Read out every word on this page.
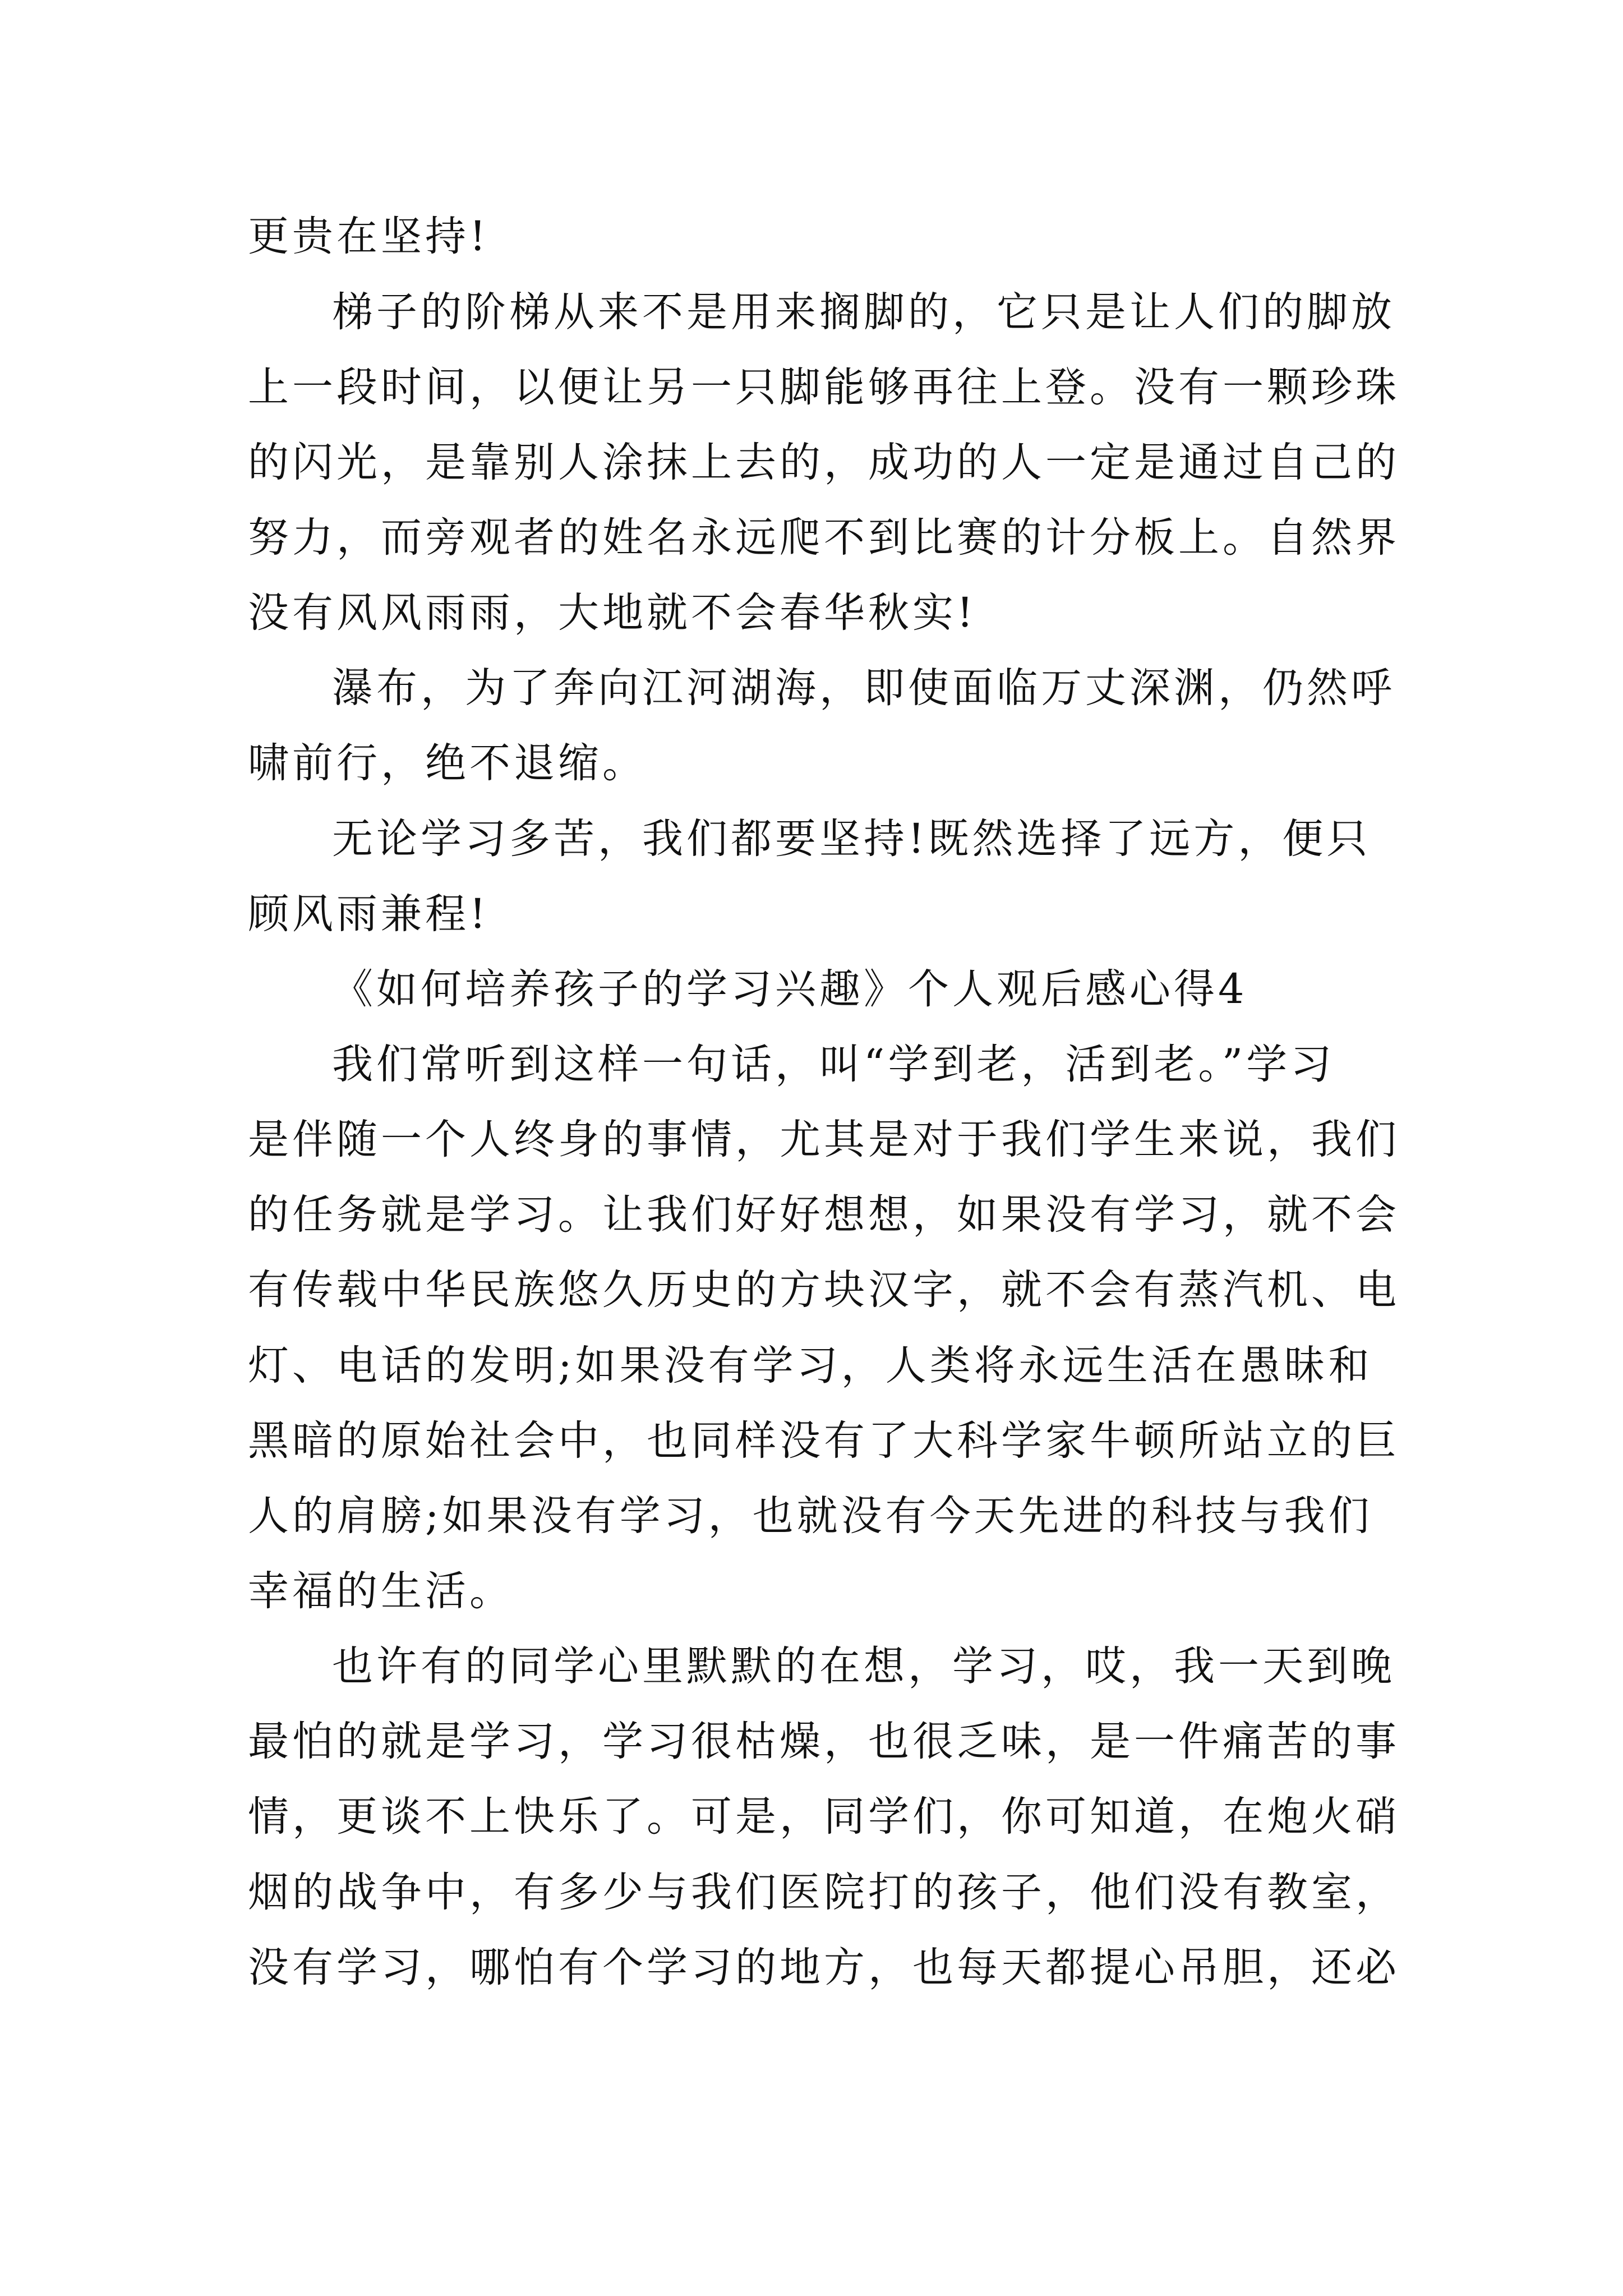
更贵在坚持!
梯子的阶梯从来不是用来搁脚的，它只是让人们的脚放
上一段时间，以便让另一只脚能够再往上登。没有一颗珍珠
的闪光，是靠别人涂抹上去的，成功的人一定是通过自己的
努力，而旁观者的姓名永远爬不到比赛的计分板上。自然界
没有风风雨雨，大地就不会春华秋实!
瀑布，为了奔向江河湖海，即使面临万丈深渊，仍然呼
啸前行，绝不退缩。
无论学习多苦，我们都要坚持!既然选择了远方，便只
顾风雨兼程!
《如何培养孩子的学习兴趣》个人观后感心得4
我们常听到这样一句话，叫“学到老，活到老。”学习
是伴随一个人终身的事情，尤其是对于我们学生来说，我们
的任务就是学习。让我们好好想想，如果没有学习，就不会
有传载中华民族悠久历史的方块汉字，就不会有蒸汽机、电
灯、电话的发明;如果没有学习，人类将永远生活在愚昧和
黑暗的原始社会中，也同样没有了大科学家牛顿所站立的巨
人的肩膀;如果没有学习，也就没有今天先进的科技与我们
幸福的生活。
也许有的同学心里默默的在想，学习，哎，我一天到晚
最怕的就是学习，学习很枯燥，也很乏味，是一件痛苦的事
情，更谈不上快乐了。可是，同学们，你可知道，在炮火硝
烟的战争中，有多少与我们医院打的孩子，他们没有教室，
没有学习，哪怕有个学习的地方，也每天都提心吊胆，还必
